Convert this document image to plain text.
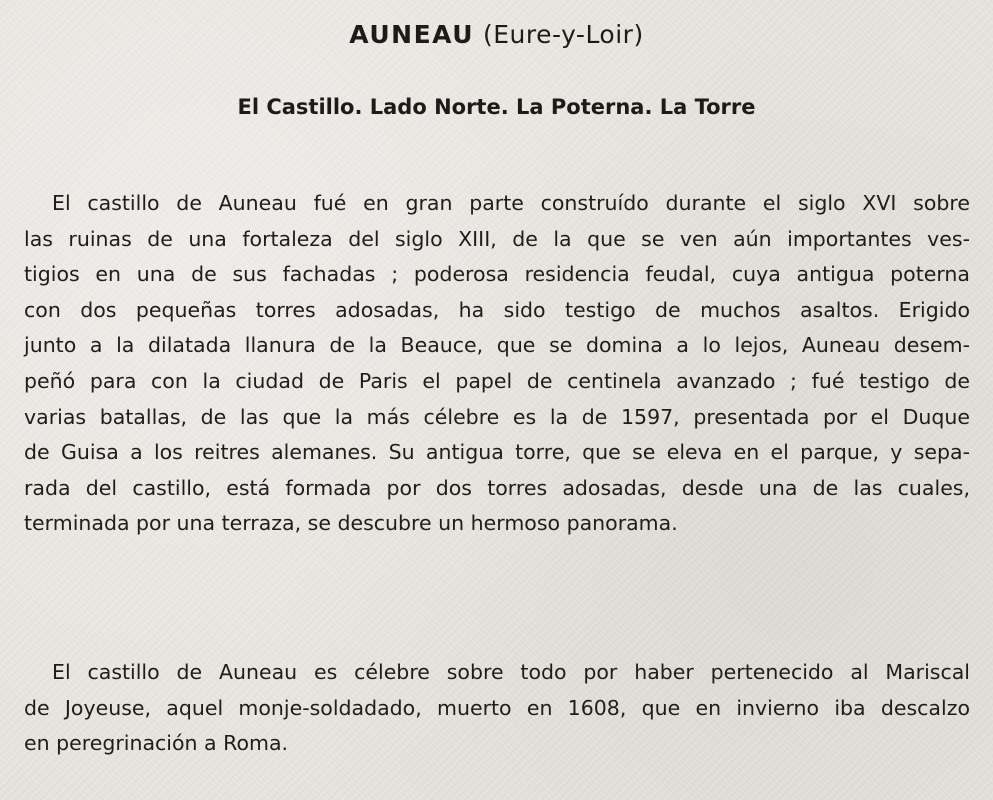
AUNEAU (Eure-y-Loir)
El Castillo. Lado Norte. La Poterna. La Torre
El castillo de Auneau fué en gran parte construído durante el siglo XVI sobre
las ruinas de una fortaleza del siglo XIII, de la que se ven aún importantes ves-
tigios en una de sus fachadas ; poderosa residencia feudal, cuya antigua poterna
con dos pequeñas torres adosadas, ha sido testigo de muchos asaltos. Erigido
junto a la dilatada llanura de la Beauce, que se domina a lo lejos, Auneau desem-
peñó para con la ciudad de Paris el papel de centinela avanzado ; fué testigo de
varias batallas, de las que la más célebre es la de 1597, presentada por el Duque
de Guisa a los reitres alemanes. Su antigua torre, que se eleva en el parque, y sepa-
rada del castillo, está formada por dos torres adosadas, desde una de las cuales,
terminada por una terraza, se descubre un hermoso panorama.
El castillo de Auneau es célebre sobre todo por haber pertenecido al Mariscal
de Joyeuse, aquel monje-soldadado, muerto en 1608, que en invierno iba descalzo
en peregrinación a Roma.
